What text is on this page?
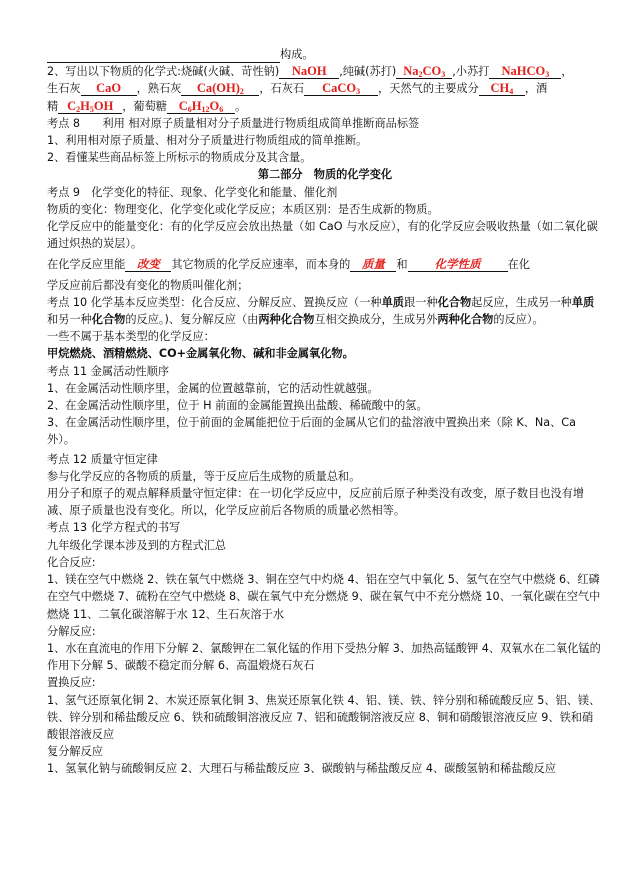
构成。
2、写出以下物质的化学式:烧碱(火碱、苛性钠) NaOH ,纯碱(苏打) $Na_2CO_3$ ,小苏打 NaHCO$_3$ ，
生石灰 CaO ，熟石灰 $Ca(OH)_2$ ，石灰石 CaCO$_3$ ，天然气的主要成分 $CH_4$ ，酒
精 $C_2H_5OH$ ，葡萄糖 $C_6H_{12}O_6$ 。
考点 8　　利用 相对原子质量相对分子质量进行物质组成简单推断商品标签
1、利用相对原子质量、相对分子质量进行物质组成的简单推断。
2、看懂某些商品标签上所标示的物质成分及其含量。
第二部分　物质的化学变化
考点 9　化学变化的特征、现象、化学变化和能量、催化剂
物质的变化：物理变化、化学变化或化学反应；本质区别：是否生成新的物质。
化学反应中的能量变化：有的化学反应会放出热量（如 CaO 与水反应），有的化学反应会吸收热量（如二氧化碳通过炽热的炭层）。
在化学反应里能 改变 其它物质的化学反应速率，而本身的 质量 和 化学性质 在化
学反应前后都没有变化的物质叫催化剂；
考点 10 化学基本反应类型：化合反应、分解反应、置换反应（一种单质跟一种化合物起反应，生成另一种单质和另一种化合物的反应。)、复分解反应（由两种化合物互相交换成分，生成另外两种化合物的反应）。
一些不属于基本类型的化学反应：
甲烷燃烧、酒精燃烧、CO+金属氧化物、碱和非金属氧化物。
考点 11 金属活动性顺序
1、在金属活动性顺序里，金属的位置越靠前，它的活动性就越强。
2、在金属活动性顺序里，位于 H 前面的金属能置换出盐酸、稀硫酸中的氢。
3、在金属活动性顺序里，位于前面的金属能把位于后面的金属从它们的盐溶液中置换出来（除 K、Na、Ca 外）。
考点 12 质量守恒定律
参与化学反应的各物质的质量，等于反应后生成物的质量总和。
用分子和原子的观点解释质量守恒定律：在一切化学反应中，反应前后原子种类没有改变，原子数目也没有增减、原子质量也没有变化。所以，化学反应前后各物质的质量必然相等。
考点 13 化学方程式的书写
九年级化学课本涉及到的方程式汇总
化合反应:
1、镁在空气中燃烧 2、铁在氧气中燃烧 3、铜在空气中灼烧 4、铝在空气中氧化 5、氢气在空气中燃烧 6、红磷在空气中燃烧 7、硫粉在空气中燃烧 8、碳在氧气中充分燃烧 9、碳在氧气中不充分燃烧 10、一氧化碳在空气中燃烧 11、二氧化碳溶解于水 12、生石灰溶于水
分解反应:
1、水在直流电的作用下分解 2、氯酸钾在二氧化锰的作用下受热分解 3、加热高锰酸钾 4、双氧水在二氧化锰的作用下分解 5、碳酸不稳定而分解 6、高温煅烧石灰石
置换反应:
1、氢气还原氧化铜 2、木炭还原氧化铜 3、焦炭还原氧化铁 4、铝、镁、铁、锌分别和稀硫酸反应 5、铝、镁、铁、锌分别和稀盐酸反应 6、铁和硫酸铜溶液反应 7、铝和硫酸铜溶液反应 8、铜和硝酸银溶液反应 9、铁和硝酸银溶液反应
复分解反应
1、氢氧化钠与硫酸铜反应 2、大理石与稀盐酸反应 3、碳酸钠与稀盐酸反应 4、碳酸氢钠和稀盐酸反应
